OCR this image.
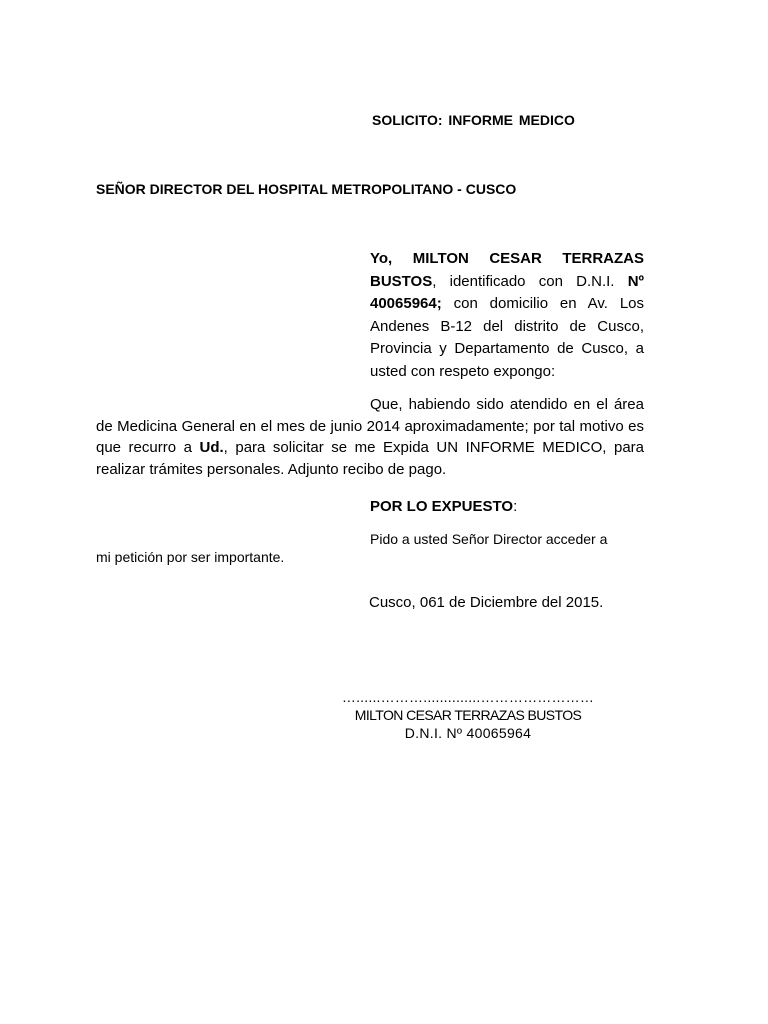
SOLICITO: INFORME MEDICO
SEÑOR DIRECTOR DEL HOSPITAL METROPOLITANO - CUSCO
Yo, MILTON CESAR TERRAZAS BUSTOS, identificado con D.N.I. Nº 40065964; con domicilio en Av. Los Andenes B-12 del distrito de Cusco, Provincia y Departamento de Cusco, a usted con respeto expongo:
Que, habiendo sido atendido en el área de Medicina General en el mes de junio 2014 aproximadamente; por tal motivo es que recurro a Ud., para solicitar se me Expida UN INFORME MEDICO, para realizar trámites personales. Adjunto recibo de pago.
POR LO EXPUESTO:
Pido a usted Señor Director acceder a
mi petición por ser importante.
Cusco, 061 de Diciembre del 2015.
…......………..............……………………
MILTON CESAR TERRAZAS BUSTOS
D.N.I. Nº 40065964
